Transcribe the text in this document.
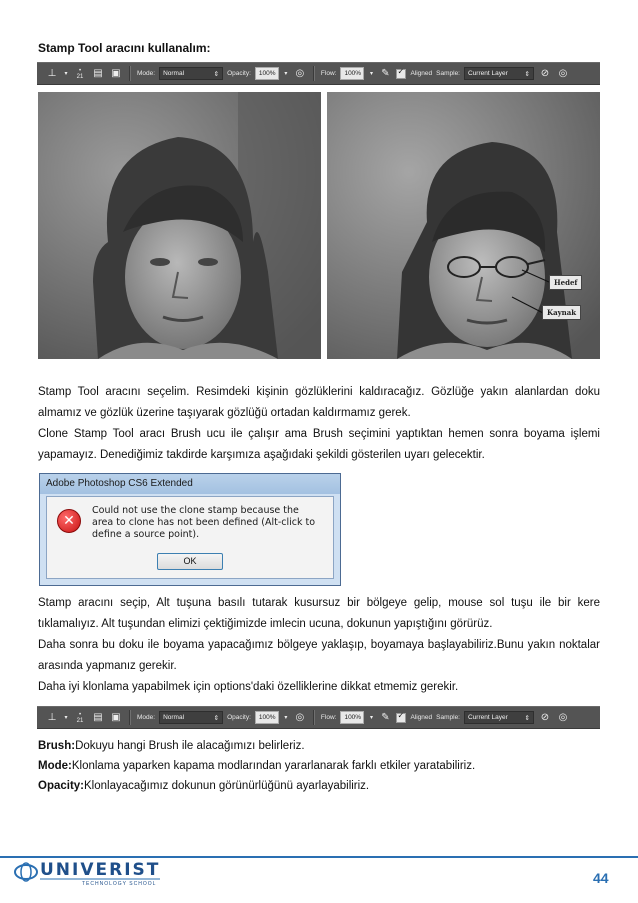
Stamp Tool aracını kullanalım:
⊥	▾
•
21 ▤ ▣	Mode: Normal	⇕ Opacity: 100% ▾ ◎	Flow: 100% ▾ ✎ ✓	Aligned Sample: Current Layer	⇕ ⊘ ◎
Hedef
Kaynak

Stamp Tool aracını seçelim. Resimdeki kişinin gözlüklerini kaldıracağız. Gözlüğe yakın alanlardan doku almamız ve gözlük üzerine taşıyarak gözlüğü ortadan kaldırmamız gerek.

Clone Stamp Tool aracı Brush ucu ile çalışır ama Brush seçimini yaptıktan hemen sonra boyama işlemi yapamayız. Denediğimiz takdirde karşımıza aşağıdaki şekildi gösterilen uyarı gelecektir.

Adobe Photoshop CS6 Extended
✕
Could not use the clone stamp because the area to clone has not been defined (Alt-click to define a source point).
OK

Stamp aracını seçip, Alt tuşuna basılı tutarak kusursuz bir bölgeye gelip, mouse sol tuşu ile bir kere tıklamalıyız. Alt tuşundan elimizi çektiğimizde imlecin ucuna, dokunun yapıştığını görürüz.

Daha sonra bu doku ile boyama yapacağımız bölgeye yaklaşıp, boyamaya başlayabiliriz.Bunu yakın noktalar arasında yapmanız gerekir.

Daha iyi klonlama yapabilmek için options'daki özelliklerine dikkat etmemiz gerekir.

⊥	▾
•
21 ▤ ▣	Mode: Normal	⇕ Opacity: 100% ▾ ◎	Flow: 100% ▾ ✎ ✓	Aligned Sample: Current Layer	⇕ ⊘ ◎
Brush:Dokuyu hangi Brush ile alacağımızı belirleriz.
Mode:Klonlama yaparken kapama modlarından yararlanarak farklı etkiler yaratabiliriz.
Opacity:Klonlayacağımız dokunun görünürlüğünü ayarlayabiliriz.
UNIVERIST
TECHNOLOGY SCHOOL	44
